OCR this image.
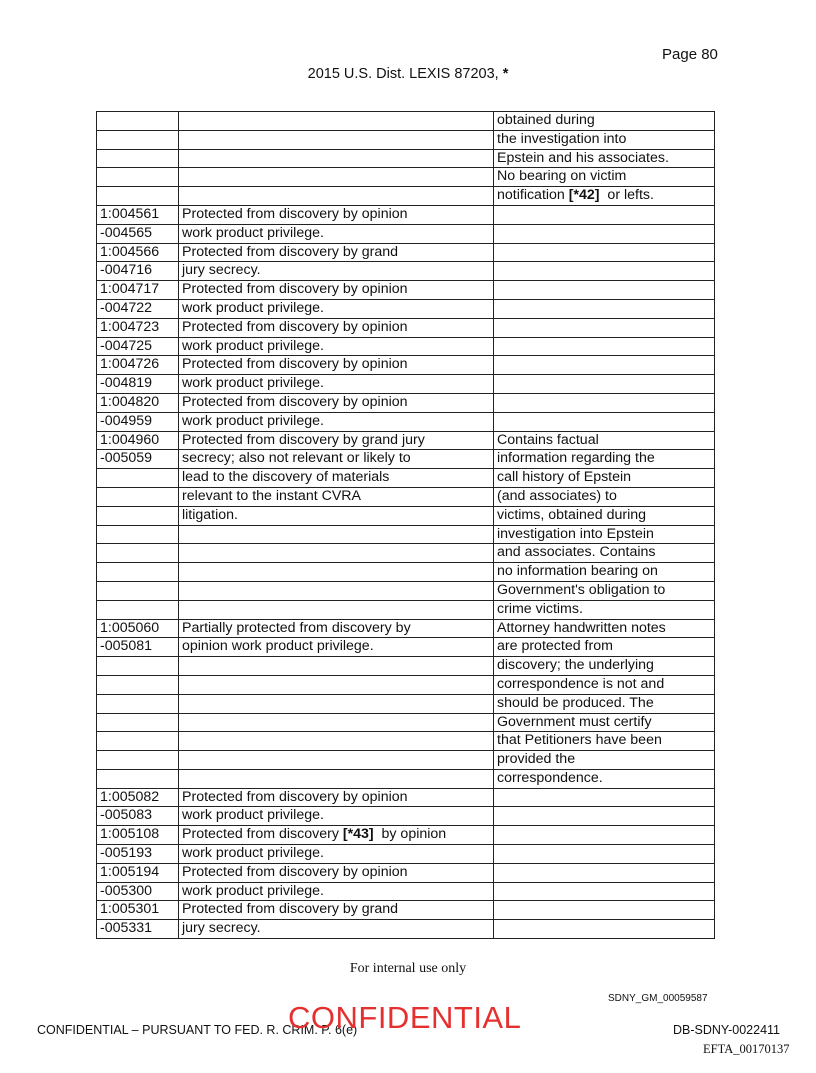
Page 80
2015 U.S. Dist. LEXIS 87203, *
		obtained during
		the investigation into
		Epstein and his associates.
		No bearing on victim
		notification [*42]  or lefts.
1:004561	Protected from discovery by opinion	
-004565	work product privilege.	
1:004566	Protected from discovery by grand	
-004716	jury secrecy.	
1:004717	Protected from discovery by opinion	
-004722	work product privilege.	
1:004723	Protected from discovery by opinion	
-004725	work product privilege.	
1:004726	Protected from discovery by opinion	
-004819	work product privilege.	
1:004820	Protected from discovery by opinion	
-004959	work product privilege.	
1:004960	Protected from discovery by grand jury	Contains factual
-005059	secrecy; also not relevant or likely to	information regarding the
	lead to the discovery of materials	call history of Epstein
	relevant to the instant CVRA	(and associates) to
	litigation.	victims, obtained during
		investigation into Epstein
		and associates. Contains
		no information bearing on
		Government's obligation to
		crime victims.
1:005060	Partially protected from discovery by	Attorney handwritten notes
-005081	opinion work product privilege.	are protected from
		discovery; the underlying
		correspondence is not and
		should be produced. The
		Government must certify
		that Petitioners have been
		provided the
		correspondence.
1:005082	Protected from discovery by opinion	
-005083	work product privilege.	
1:005108	Protected from discovery [*43]  by opinion	
-005193	work product privilege.	
1:005194	Protected from discovery by opinion	
-005300	work product privilege.	
1:005301	Protected from discovery by grand	
-005331	jury secrecy.	
For internal use only
SDNY_GM_00059587
CONFIDENTIAL – PURSUANT TO FED. R. CRIM. P. 6(e)
CONFIDENTIAL	DB-SDNY-0022411
EFTA_00170137
